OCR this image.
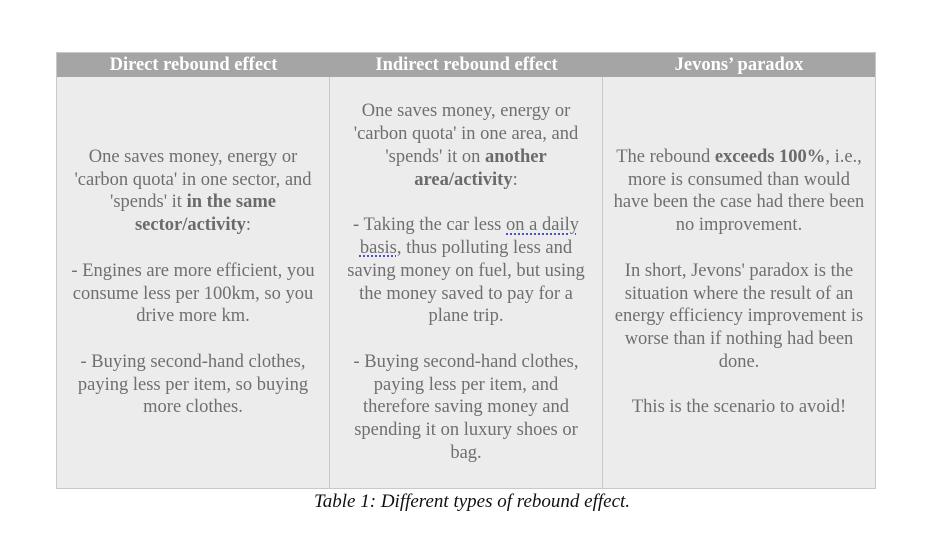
Direct rebound effect	Indirect rebound effect	Jevons’ paradox
One saves money, energy or 'carbon quota' in one sector, and 'spends' it in the same sector/activity:
- Engines are more efficient, you consume less per 100km, so you drive more km.
- Buying second-hand clothes, paying less per item, so buying more clothes.
One saves money, energy or 'carbon quota' in one area, and 'spends' it on another area/activity:
- Taking the car less on a daily basis, thus polluting less and saving money on fuel, but using the money saved to pay for a plane trip.
- Buying second-hand clothes, paying less per item, and therefore saving money and spending it on luxury shoes or bag.
The rebound exceeds 100%, i.e., more is consumed than would have been the case had there been no improvement.
In short, Jevons' paradox is the situation where the result of an energy efficiency improvement is worse than if nothing had been done.
This is the scenario to avoid!
Table 1: Different types of rebound effect.
